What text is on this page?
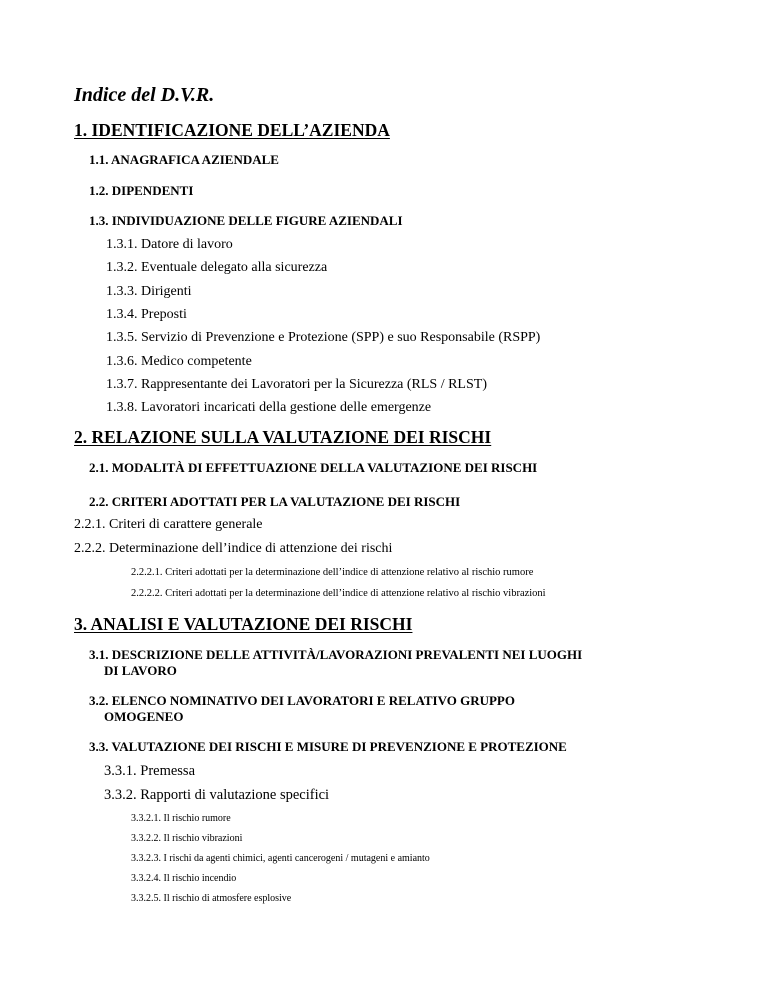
Indice del D.V.R.
1. IDENTIFICAZIONE DELL’AZIENDA
1.1. ANAGRAFICA AZIENDALE
1.2. DIPENDENTI
1.3. INDIVIDUAZIONE DELLE FIGURE AZIENDALI
1.3.1. Datore di lavoro
1.3.2. Eventuale delegato alla sicurezza
1.3.3. Dirigenti
1.3.4. Preposti
1.3.5. Servizio di Prevenzione e Protezione (SPP) e suo Responsabile (RSPP)
1.3.6. Medico competente
1.3.7. Rappresentante dei Lavoratori per la Sicurezza (RLS / RLST)
1.3.8. Lavoratori incaricati della gestione delle emergenze
2. RELAZIONE SULLA VALUTAZIONE DEI RISCHI
2.1. MODALITÀ DI EFFETTUAZIONE DELLA VALUTAZIONE DEI RISCHI
2.2. CRITERI ADOTTATI PER LA VALUTAZIONE DEI RISCHI
2.2.1. Criteri di carattere generale
2.2.2. Determinazione dell’indice di attenzione dei rischi
2.2.2.1. Criteri adottati per la determinazione dell’indice di attenzione relativo al rischio rumore
2.2.2.2. Criteri adottati per la determinazione dell’indice di attenzione relativo al rischio vibrazioni
3. ANALISI E VALUTAZIONE DEI RISCHI
3.1. DESCRIZIONE DELLE ATTIVITÀ/LAVORAZIONI PREVALENTI NEI LUOGHI
DI LAVORO
3.2. ELENCO NOMINATIVO DEI LAVORATORI E RELATIVO GRUPPO
OMOGENEO
3.3. VALUTAZIONE DEI RISCHI E MISURE DI PREVENZIONE E PROTEZIONE
3.3.1. Premessa
3.3.2. Rapporti di valutazione specifici
3.3.2.1. Il rischio rumore
3.3.2.2. Il rischio vibrazioni
3.3.2.3. I rischi da agenti chimici, agenti cancerogeni / mutageni e amianto
3.3.2.4. Il rischio incendio
3.3.2.5. Il rischio di atmosfere esplosive
